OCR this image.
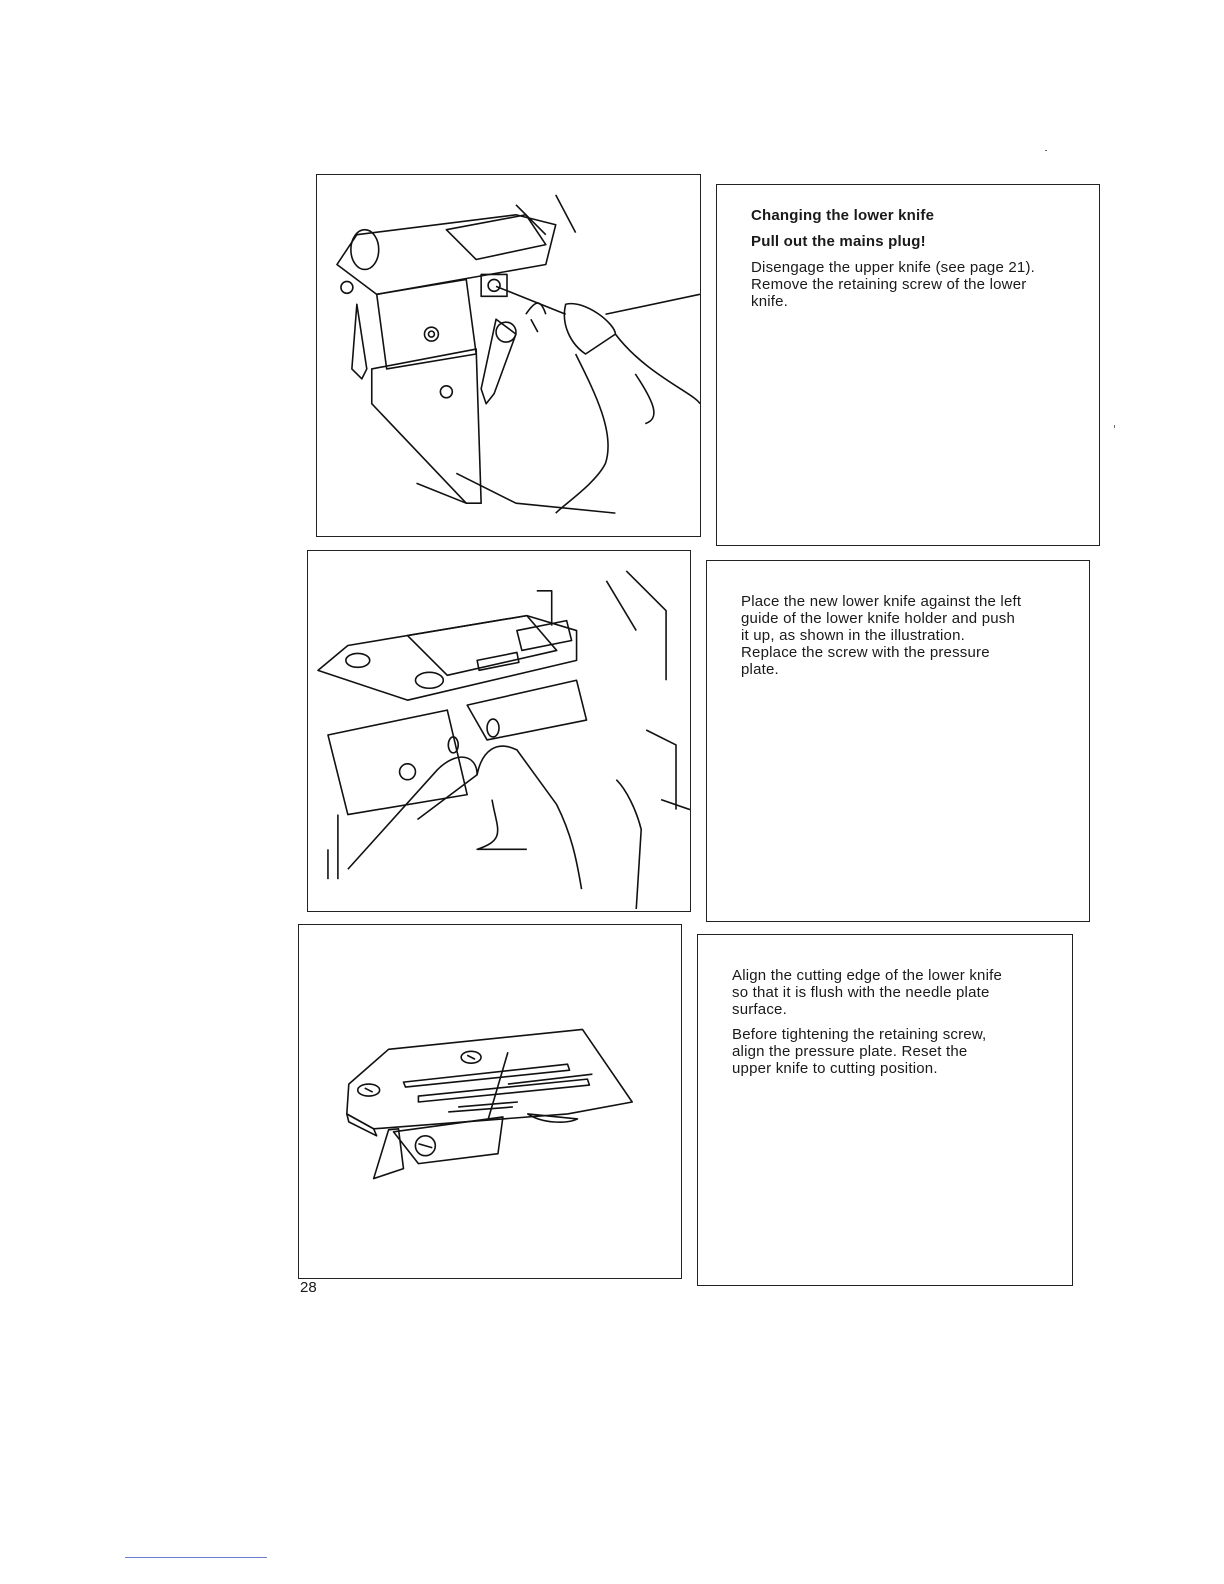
Changing the lower knife

Pull out the mains plug!

Disengage the upper knife (see page 21).
Remove the retaining screw of the lower
knife.

Place the new lower knife against the left
guide of the lower knife holder and push
it up, as shown in the illustration.
Replace the screw with the pressure
plate.

Align the cutting edge of the lower knife
so that it is flush with the needle plate
surface.

Before tightening the retaining screw,
align the pressure plate. Reset the
upper knife to cutting position.

28
